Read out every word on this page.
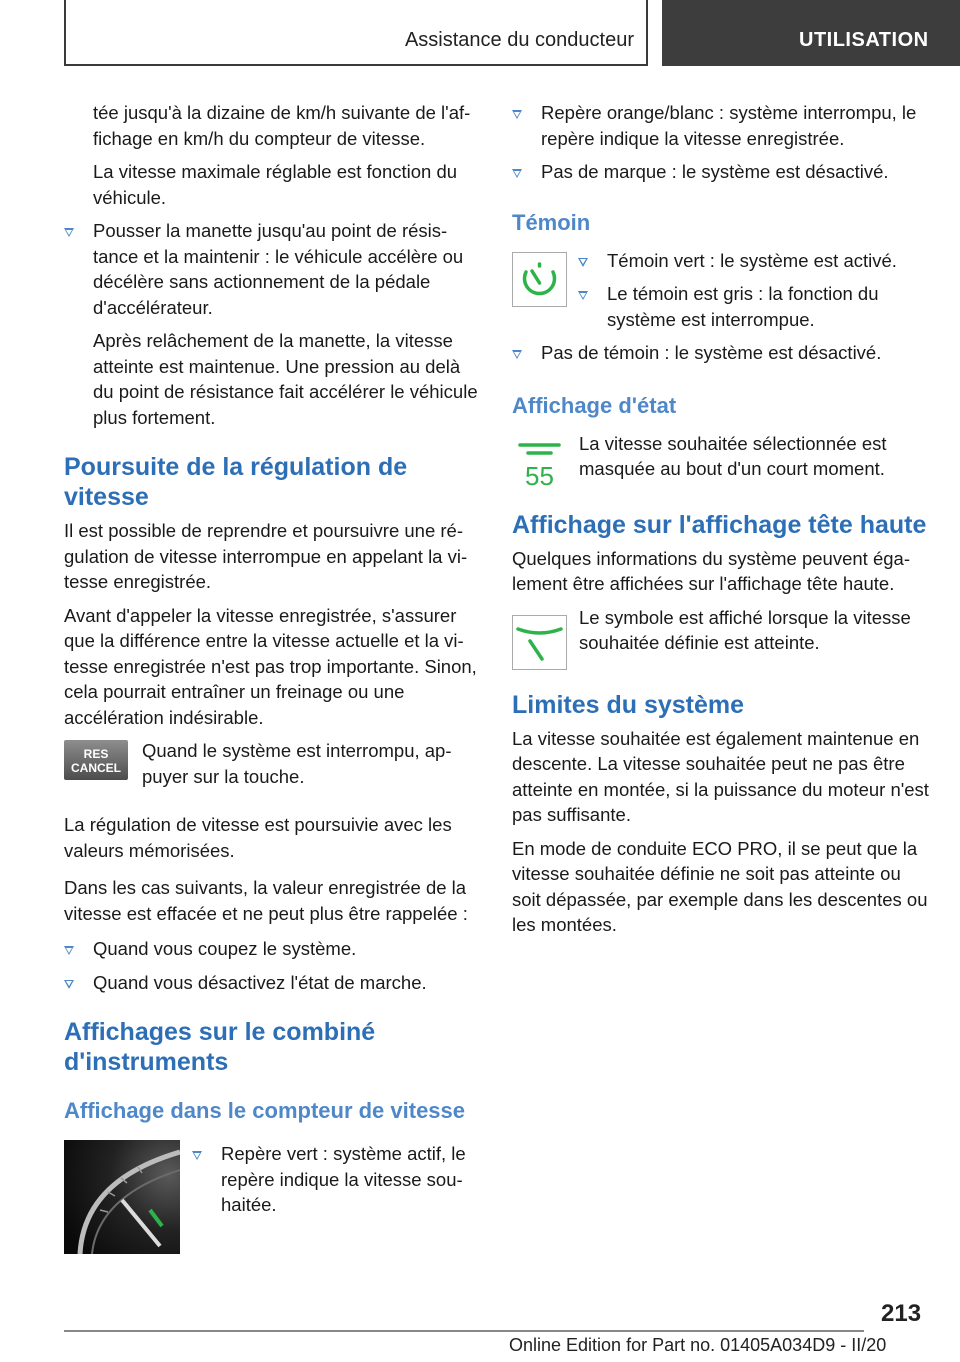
Assistance du conducteur	UTILISATION

tée jusqu'à la dizaine de km/h suivante de l'affichage en km/h du compteur de vitesse.

La vitesse maximale réglable est fonction du véhicule.

Pousser la manette jusqu'au point de résistance et la maintenir : le véhicule accélère ou décélère sans actionnement de la pédale d'accélérateur.

Après relâchement de la manette, la vitesse atteinte est maintenue. Une pression au delà du point de résistance fait accélérer le véhicule plus fortement.

Poursuite de la régulation de vitesse

Il est possible de reprendre et poursuivre une régulation de vitesse interrompue en appelant la vitesse enregistrée.

Avant d'appeler la vitesse enregistrée, s'assurer que la différence entre la vitesse actuelle et la vitesse enregistrée n'est pas trop importante. Sinon, cela pourrait entraîner un freinage ou une accélération indésirable.

RES
CANCEL

Quand le système est interrompu, appuyer sur la touche.

La régulation de vitesse est poursuivie avec les valeurs mémorisées.

Dans les cas suivants, la valeur enregistrée de la vitesse est effacée et ne peut plus être rappelée :

Quand vous coupez le système.

Quand vous désactivez l'état de marche.

Affichages sur le combiné d'instruments
Affichage dans le compteur de vitesse

Repère vert : système actif, le repère indique la vitesse souhaitée.

Repère orange/blanc : système interrompu, le repère indique la vitesse enregistrée.

Pas de marque : le système est désactivé.

Témoin

Témoin vert : le système est activé.

Le témoin est gris : la fonction du système est interrompue.

Pas de témoin : le système est désactivé.

Affichage d'état
55

La vitesse souhaitée sélectionnée est masquée au bout d'un court moment.

Affichage sur l'affichage tête haute

Quelques informations du système peuvent également être affichées sur l'affichage tête haute.

Le symbole est affiché lorsque la vitesse souhaitée définie est atteinte.

Limites du système

La vitesse souhaitée est également maintenue en descente. La vitesse souhaitée peut ne pas être atteinte en montée, si la puissance du moteur n'est pas suffisante.

En mode de conduite ECO PRO, il se peut que la vitesse souhaitée définie ne soit pas atteinte ou soit dépassée, par exemple dans les descentes ou les montées.

213
Online Edition for Part no. 01405A034D9 - II/20
